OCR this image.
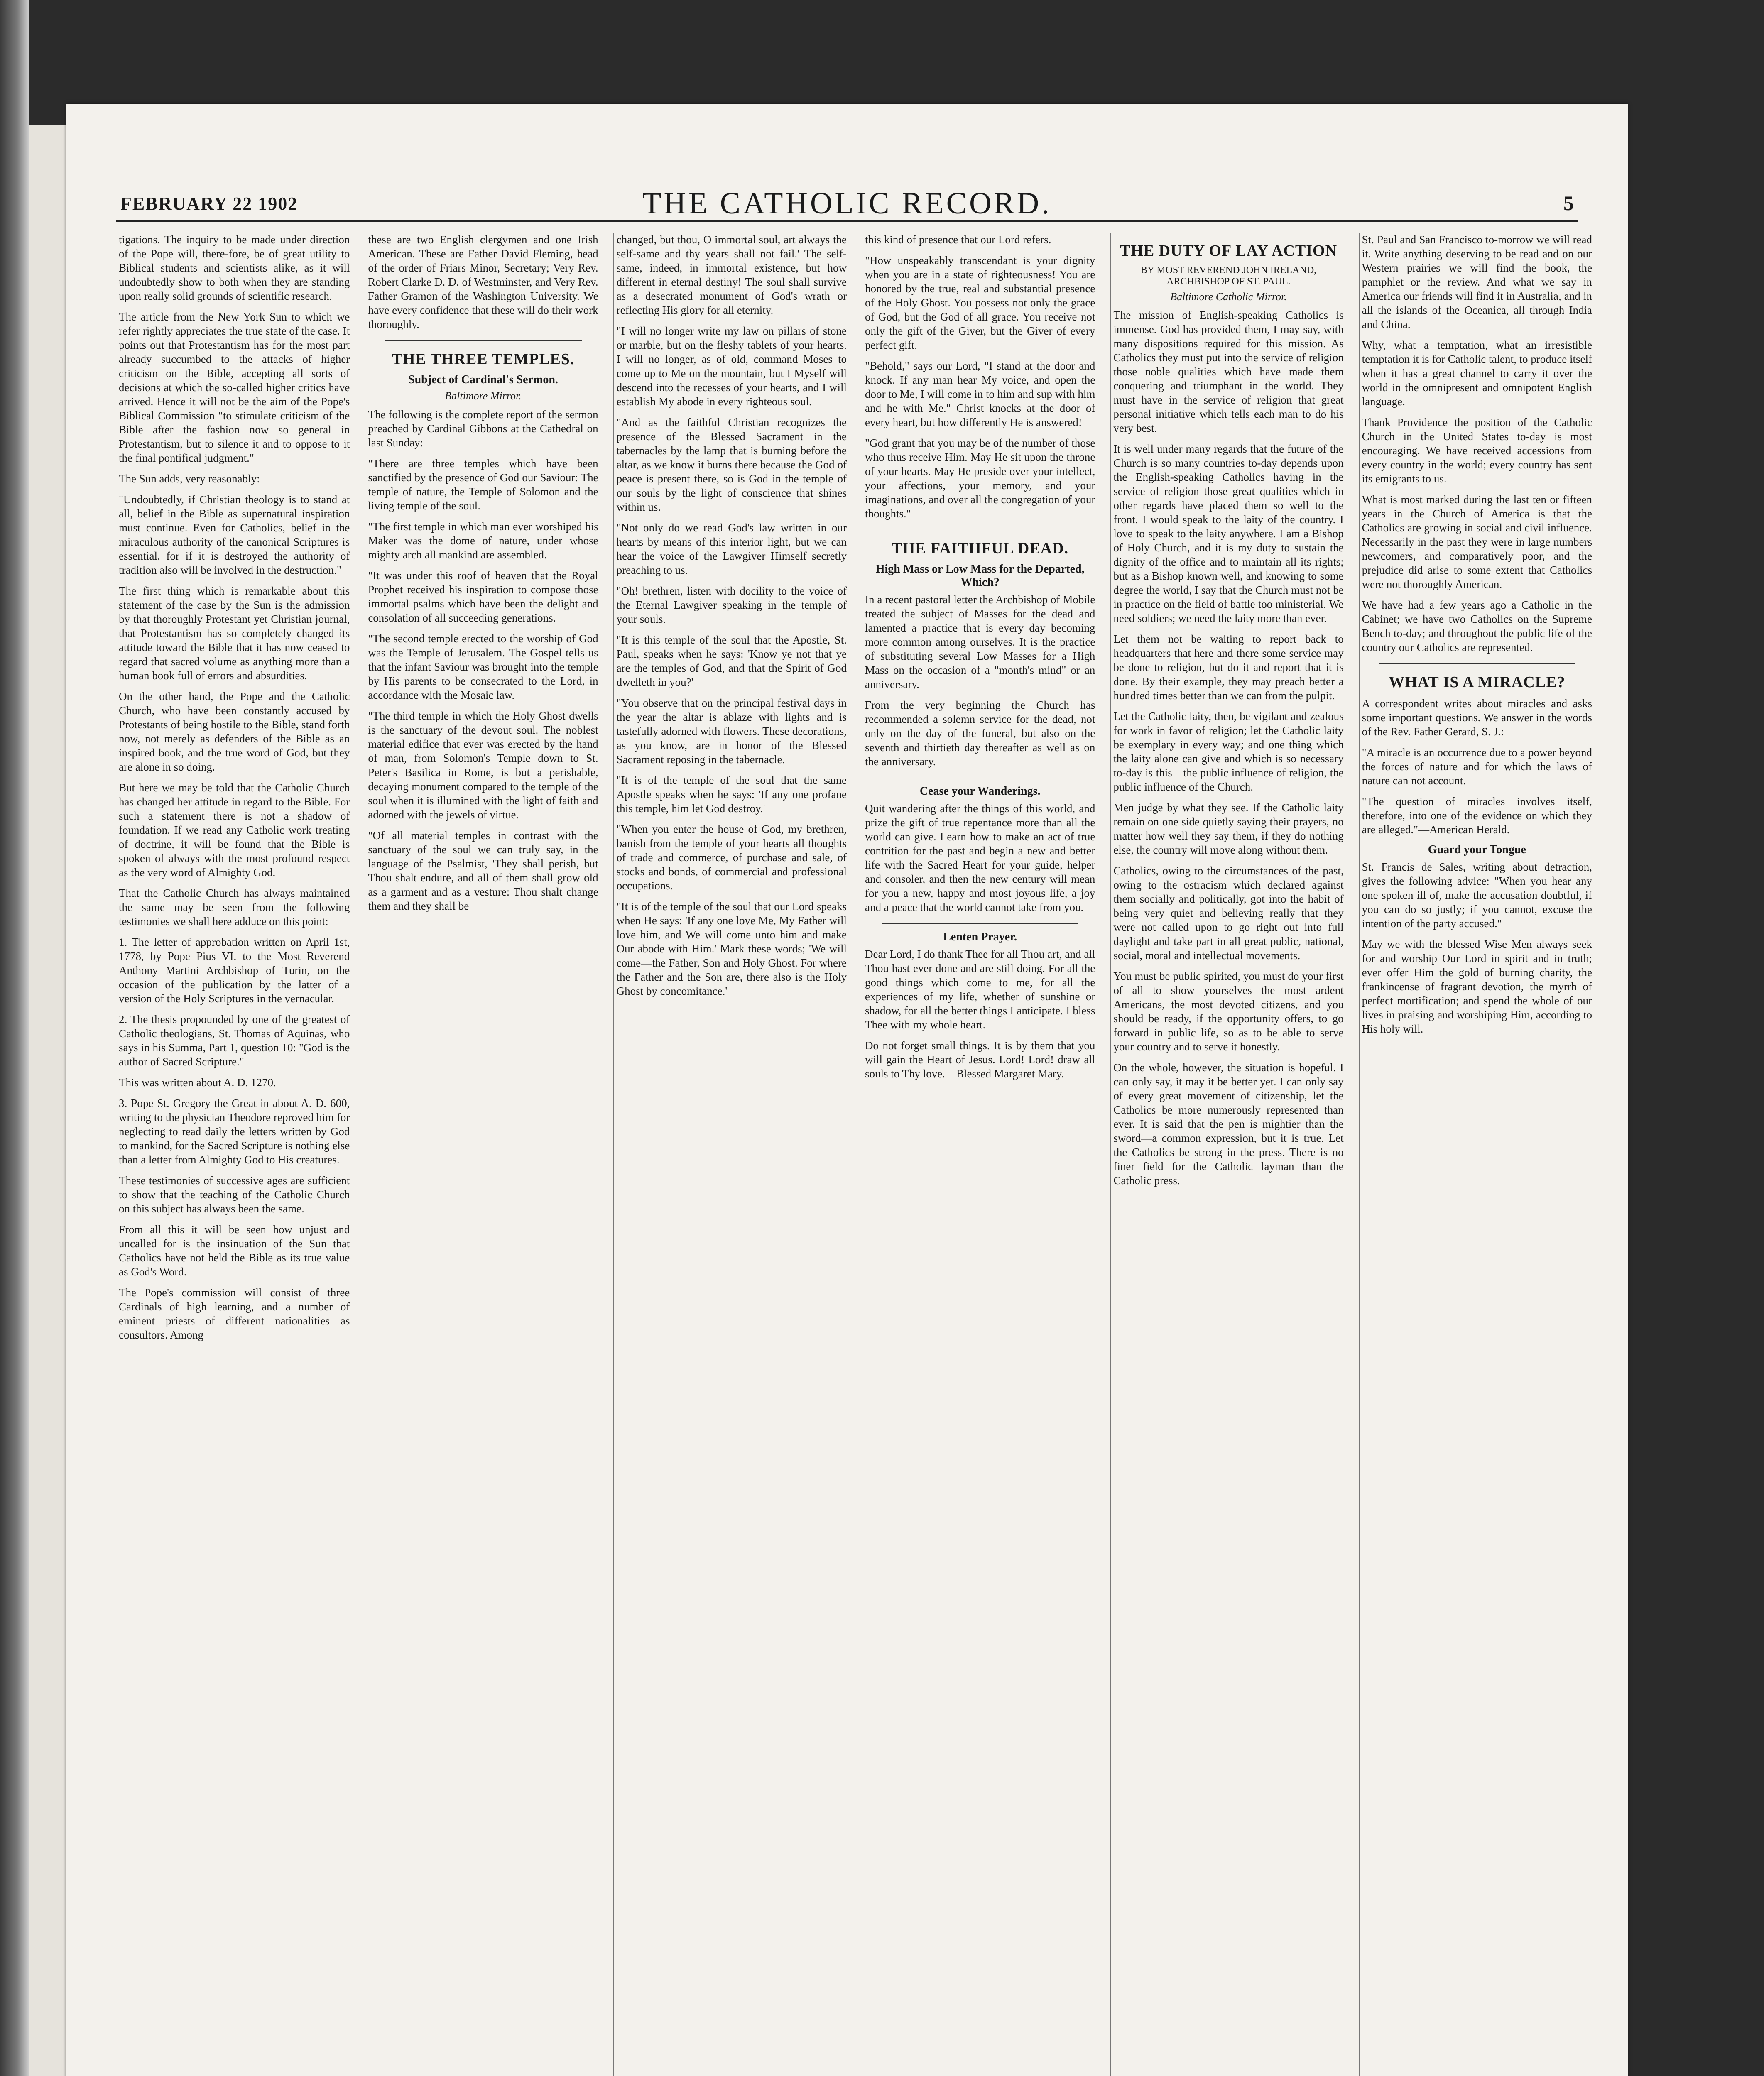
FEBRUARY 22 1902	THE CATHOLIC RECORD.	5

tigations. The inquiry to be made under direction of the Pope will, there-fore, be of great utility to Biblical students and scientists alike, as it will undoubtedly show to both when they are standing upon really solid grounds of scientific research.

The article from the New York Sun to which we refer rightly appreciates the true state of the case. It points out that Protestantism has for the most part already succumbed to the attacks of higher criticism on the Bible, accepting all sorts of decisions at which the so-called higher critics have arrived. Hence it will not be the aim of the Pope's Biblical Commission "to stimulate criticism of the Bible after the fashion now so general in Protestantism, but to silence it and to oppose to it the final pontifical judgment."

The Sun adds, very reasonably:

"Undoubtedly, if Christian theology is to stand at all, belief in the Bible as supernatural inspiration must continue. Even for Catholics, belief in the miraculous authority of the canonical Scriptures is essential, for if it is destroyed the authority of tradition also will be involved in the destruction."

The first thing which is remarkable about this statement of the case by the Sun is the admission by that thoroughly Protestant yet Christian journal, that Protestantism has so completely changed its attitude toward the Bible that it has now ceased to regard that sacred volume as anything more than a human book full of errors and absurdities.

On the other hand, the Pope and the Catholic Church, who have been constantly accused by Protestants of being hostile to the Bible, stand forth now, not merely as defenders of the Bible as an inspired book, and the true word of God, but they are alone in so doing.

But here we may be told that the Catholic Church has changed her attitude in regard to the Bible. For such a statement there is not a shadow of foundation. If we read any Catholic work treating of doctrine, it will be found that the Bible is spoken of always with the most profound respect as the very word of Almighty God.

That the Catholic Church has always maintained the same may be seen from the following testimonies we shall here adduce on this point:

1. The letter of approbation written on April 1st, 1778, by Pope Pius VI. to the Most Reverend Anthony Martini Archbishop of Turin, on the occasion of the publication by the latter of a version of the Holy Scriptures in the vernacular.

2. The thesis propounded by one of the greatest of Catholic theologians, St. Thomas of Aquinas, who says in his Summa, Part 1, question 10: "God is the author of Sacred Scripture."

This was written about A. D. 1270.

3. Pope St. Gregory the Great in about A. D. 600, writing to the physician Theodore reproved him for neglecting to read daily the letters written by God to mankind, for the Sacred Scripture is nothing else than a letter from Almighty God to His creatures.

These testimonies of successive ages are sufficient to show that the teaching of the Catholic Church on this subject has always been the same.

From all this it will be seen how unjust and uncalled for is the insinuation of the Sun that Catholics have not held the Bible as its true value as God's Word.

The Pope's commission will consist of three Cardinals of high learning, and a number of eminent priests of different nationalities as consultors. Among

these are two English clergymen and one Irish American. These are Father David Fleming, head of the order of Friars Minor, Secretary; Very Rev. Robert Clarke D. D. of Westminster, and Very Rev. Father Gramon of the Washington University. We have every confidence that these will do their work thoroughly.

THE THREE TEMPLES.
Subject of Cardinal's Sermon.
Baltimore Mirror.

The following is the complete report of the sermon preached by Cardinal Gibbons at the Cathedral on last Sunday:

"There are three temples which have been sanctified by the presence of God our Saviour: The temple of nature, the Temple of Solomon and the living temple of the soul.

"The first temple in which man ever worshiped his Maker was the dome of nature, under whose mighty arch all mankind are assembled.

"It was under this roof of heaven that the Royal Prophet received his inspiration to compose those immortal psalms which have been the delight and consolation of all succeeding generations.

"The second temple erected to the worship of God was the Temple of Jerusalem. The Gospel tells us that the infant Saviour was brought into the temple by His parents to be consecrated to the Lord, in accordance with the Mosaic law.

"The third temple in which the Holy Ghost dwells is the sanctuary of the devout soul. The noblest material edifice that ever was erected by the hand of man, from Solomon's Temple down to St. Peter's Basilica in Rome, is but a perishable, decaying monument compared to the temple of the soul when it is illumined with the light of faith and adorned with the jewels of virtue.

"Of all material temples in contrast with the sanctuary of the soul we can truly say, in the language of the Psalmist, 'They shall perish, but Thou shalt endure, and all of them shall grow old as a garment and as a vesture: Thou shalt change them and they shall be

changed, but thou, O immortal soul, art always the self-same and thy years shall not fail.' The self-same, indeed, in immortal existence, but how different in eternal destiny! The soul shall survive as a desecrated monument of God's wrath or reflecting His glory for all eternity.

"I will no longer write my law on pillars of stone or marble, but on the fleshy tablets of your hearts. I will no longer, as of old, command Moses to come up to Me on the mountain, but I Myself will descend into the recesses of your hearts, and I will establish My abode in every righteous soul.

"And as the faithful Christian recognizes the presence of the Blessed Sacrament in the tabernacles by the lamp that is burning before the altar, as we know it burns there because the God of peace is present there, so is God in the temple of our souls by the light of conscience that shines within us.

"Not only do we read God's law written in our hearts by means of this interior light, but we can hear the voice of the Lawgiver Himself secretly preaching to us.

"Oh! brethren, listen with docility to the voice of the Eternal Lawgiver speaking in the temple of your souls.

"It is this temple of the soul that the Apostle, St. Paul, speaks when he says: 'Know ye not that ye are the temples of God, and that the Spirit of God dwelleth in you?'

"You observe that on the principal festival days in the year the altar is ablaze with lights and is tastefully adorned with flowers. These decorations, as you know, are in honor of the Blessed Sacrament reposing in the tabernacle.

"It is of the temple of the soul that the same Apostle speaks when he says: 'If any one profane this temple, him let God destroy.'

"When you enter the house of God, my brethren, banish from the temple of your hearts all thoughts of trade and commerce, of purchase and sale, of stocks and bonds, of commercial and professional occupations.

"It is of the temple of the soul that our Lord speaks when He says: 'If any one love Me, My Father will love him, and We will come unto him and make Our abode with Him.' Mark these words; 'We will come—the Father, Son and Holy Ghost. For where the Father and the Son are, there also is the Holy Ghost by concomitance.'

this kind of presence that our Lord refers.

"How unspeakably transcendant is your dignity when you are in a state of righteousness! You are honored by the true, real and substantial presence of the Holy Ghost. You possess not only the grace of God, but the God of all grace. You receive not only the gift of the Giver, but the Giver of every perfect gift.

"Behold," says our Lord, "I stand at the door and knock. If any man hear My voice, and open the door to Me, I will come in to him and sup with him and he with Me." Christ knocks at the door of every heart, but how differently He is answered!

"God grant that you may be of the number of those who thus receive Him. May He sit upon the throne of your hearts. May He preside over your intellect, your affections, your memory, and your imaginations, and over all the congregation of your thoughts."

THE FAITHFUL DEAD.
High Mass or Low Mass for the Departed, Which?

In a recent pastoral letter the Archbishop of Mobile treated the subject of Masses for the dead and lamented a practice that is every day becoming more common among ourselves. It is the practice of substituting several Low Masses for a High Mass on the occasion of a "month's mind" or an anniversary.

From the very beginning the Church has recommended a solemn service for the dead, not only on the day of the funeral, but also on the seventh and thirtieth day thereafter as well as on the anniversary.

Cease your Wanderings.

Quit wandering after the things of this world, and prize the gift of true repentance more than all the world can give. Learn how to make an act of true contrition for the past and begin a new and better life with the Sacred Heart for your guide, helper and consoler, and then the new century will mean for you a new, happy and most joyous life, a joy and a peace that the world cannot take from you.

Lenten Prayer.

Dear Lord, I do thank Thee for all Thou art, and all Thou hast ever done and are still doing. For all the good things which come to me, for all the experiences of my life, whether of sunshine or shadow, for all the better things I anticipate. I bless Thee with my whole heart.

Do not forget small things. It is by them that you will gain the Heart of Jesus. Lord! Lord! draw all souls to Thy love.—Blessed Margaret Mary.

THE DUTY OF LAY ACTION
BY MOST REVEREND JOHN IRELAND, ARCHBISHOP OF ST. PAUL.
Baltimore Catholic Mirror.

The mission of English-speaking Catholics is immense. God has provided them, I may say, with many dispositions required for this mission. As Catholics they must put into the service of religion those noble qualities which have made them conquering and triumphant in the world. They must have in the service of religion that great personal initiative which tells each man to do his very best.

It is well under many regards that the future of the Church is so many countries to-day depends upon the English-speaking Catholics having in the service of religion those great qualities which in other regards have placed them so well to the front. I would speak to the laity of the country. I love to speak to the laity anywhere. I am a Bishop of Holy Church, and it is my duty to sustain the dignity of the office and to maintain all its rights; but as a Bishop known well, and knowing to some degree the world, I say that the Church must not be in practice on the field of battle too ministerial. We need soldiers; we need the laity more than ever.

Let them not be waiting to report back to headquarters that here and there some service may be done to religion, but do it and report that it is done. By their example, they may preach better a hundred times better than we can from the pulpit.

Let the Catholic laity, then, be vigilant and zealous for work in favor of religion; let the Catholic laity be exemplary in every way; and one thing which the laity alone can give and which is so necessary to-day is this—the public influence of religion, the public influence of the Church.

Men judge by what they see. If the Catholic laity remain on one side quietly saying their prayers, no matter how well they say them, if they do nothing else, the country will move along without them.

Catholics, owing to the circumstances of the past, owing to the ostracism which declared against them socially and politically, got into the habit of being very quiet and believing really that they were not called upon to go right out into full daylight and take part in all great public, national, social, moral and intellectual movements.

You must be public spirited, you must do your first of all to show yourselves the most ardent Americans, the most devoted citizens, and you should be ready, if the opportunity offers, to go forward in public life, so as to be able to serve your country and to serve it honestly.

On the whole, however, the situation is hopeful. I can only say, it may it be better yet. I can only say of every great movement of citizenship, let the Catholics be more numerously represented than ever. It is said that the pen is mightier than the sword—a common expression, but it is true. Let the Catholics be strong in the press. There is no finer field for the Catholic layman than the Catholic press.

St. Paul and San Francisco to-morrow we will read it. Write anything deserving to be read and on our Western prairies we will find the book, the pamphlet or the review. And what we say in America our friends will find it in Australia, and in all the islands of the Oceanica, all through India and China.

Why, what a temptation, what an irresistible temptation it is for Catholic talent, to produce itself when it has a great channel to carry it over the world in the omnipresent and omnipotent English language.

Thank Providence the position of the Catholic Church in the United States to-day is most encouraging. We have received accessions from every country in the world; every country has sent its emigrants to us.

What is most marked during the last ten or fifteen years in the Church of America is that the Catholics are growing in social and civil influence. Necessarily in the past they were in large numbers newcomers, and comparatively poor, and the prejudice did arise to some extent that Catholics were not thoroughly American.

We have had a few years ago a Catholic in the Cabinet; we have two Catholics on the Supreme Bench to-day; and throughout the public life of the country our Catholics are represented.

WHAT IS A MIRACLE?

A correspondent writes about miracles and asks some important questions. We answer in the words of the Rev. Father Gerard, S. J.:

"A miracle is an occurrence due to a power beyond the forces of nature and for which the laws of nature can not account.

"The question of miracles involves itself, therefore, into one of the evidence on which they are alleged."—American Herald.

Guard your Tongue

St. Francis de Sales, writing about detraction, gives the following advice: "When you hear any one spoken ill of, make the accusation doubtful, if you can do so justly; if you cannot, excuse the intention of the party accused."

May we with the blessed Wise Men always seek for and worship Our Lord in spirit and in truth; ever offer Him the gold of burning charity, the frankincense of fragrant devotion, the myrrh of perfect mortification; and spend the whole of our lives in praising and worshiping Him, according to His holy will.
